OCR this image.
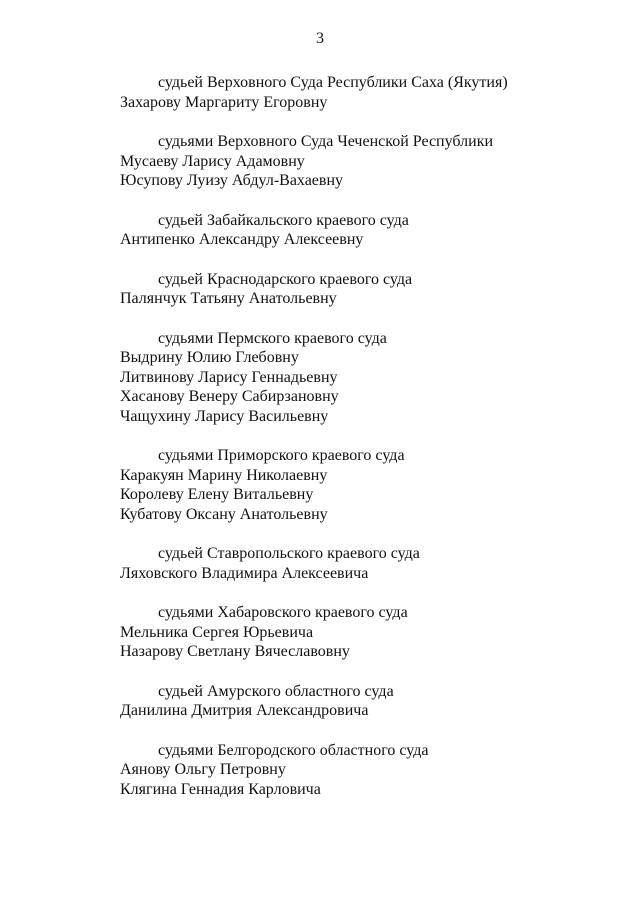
3
судьей Верховного Суда Республики Саха (Якутия)
Захарову Маргариту Егоровну
судьями Верховного Суда Чеченской Республики
Мусаеву Ларису Адамовну
Юсупову Луизу Абдул-Вахаевну
судьей Забайкальского краевого суда
Антипенко Александру Алексеевну
судьей Краснодарского краевого суда
Палянчук Татьяну Анатольевну
судьями Пермского краевого суда
Выдрину Юлию Глебовну
Литвинову Ларису Геннадьевну
Хасанову Венеру Сабирзановну
Чащухину Ларису Васильевну
судьями Приморского краевого суда
Каракуян Марину Николаевну
Королеву Елену Витальевну
Кубатову Оксану Анатольевну
судьей Ставропольского краевого суда
Ляховского Владимира Алексеевича
судьями Хабаровского краевого суда
Мельника Сергея Юрьевича
Назарову Светлану Вячеславовну
судьей Амурского областного суда
Данилина Дмитрия Александровича
судьями Белгородского областного суда
Аянову Ольгу Петровну
Клягина Геннадия Карловича
